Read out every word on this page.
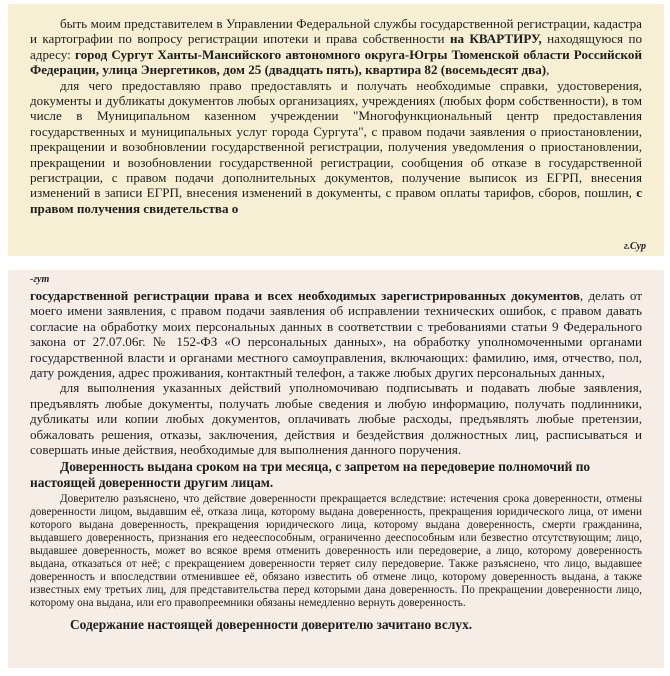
быть моим представителем в Управлении Федеральной службы государственной регистрации, кадастра и картографии по вопросу регистрации ипотеки и права собственности на КВАРТИРУ, находящуюся по адресу: город Сургут Ханты-Мансийского автономного округа-Югры Тюменской области Российской Федерации, улица Энергетиков, дом 25 (двадцать пять), квартира 82 (восемьдесят два),

для чего предоставляю право предоставлять и получать необходимые справки, удостоверения, документы и дубликаты документов любых организациях, учреждениях (любых форм собственности), в том числе в Муниципальном казенном учреждении "Многофункциональный центр предоставления государственных и муниципальных услуг города Сургута", с правом подачи заявления о приостановлении, прекращении и возобновлении государственной регистрации, получения уведомления о приостановлении, прекращении и возобновлении государственной регистрации, сообщения об отказе в государственной регистрации, с правом подачи дополнительных документов, получение выписок из ЕГРП, внесения изменений в записи ЕГРП, внесения изменений в документы, с правом оплаты тарифов, сборов, пошлин, с правом получения свидетельства о

г.Сур
-гут

государственной регистрации права и всех необходимых зарегистрированных документов, делать от моего имени заявления, с правом подачи заявления об исправлении технических ошибок, с правом давать согласие на обработку моих персональных данных в соответствии с требованиями статьи 9 Федерального закона от 27.07.06г. № 152-ФЗ «О персональных данных», на обработку уполномоченными органами государственной власти и органами местного самоуправления, включающих: фамилию, имя, отчество, пол, дату рождения, адрес проживания, контактный телефон, а также любых других персональных данных,

для выполнения указанных действий уполномочиваю подписывать и подавать любые заявления, предъявлять любые документы, получать любые сведения и любую информацию, получать подлинники, дубликаты или копии любых документов, оплачивать любые расходы, предъявлять любые претензии, обжаловать решения, отказы, заключения, действия и бездействия должностных лиц, расписываться и совершать иные действия, необходимые для выполнения данного поручения.

Доверенность выдана сроком на три месяца, с запретом на передоверие полномочий по настоящей доверенности другим лицам.

Доверителю разъяснено, что действие доверенности прекращается вследствие: истечения срока доверенности, отмены доверенности лицом, выдавшим её, отказа лица, которому выдана доверенность, прекращения юридического лица, от имени которого выдана доверенность, прекращения юридического лица, которому выдана доверенность, смерти гражданина, выдавшего доверенность, признания его недееспособным, ограниченно дееспособным или безвестно отсутствующим; лицо, выдавшее доверенность, может во всякое время отменить доверенность или передоверие, а лицо, которому доверенность выдана, отказаться от неё; с прекращением доверенности теряет силу передоверие. Также разъяснено, что лицо, выдавшее доверенность и впоследствии отменившее её, обязано известить об отмене лицо, которому доверенность выдана, а также известных ему третьих лиц, для представительства перед которыми дана доверенность. По прекращении доверенности лицо, которому она выдана, или его правопреемники обязаны немедленно вернуть доверенность.

Содержание настоящей доверенности доверителю зачитано вслух.
